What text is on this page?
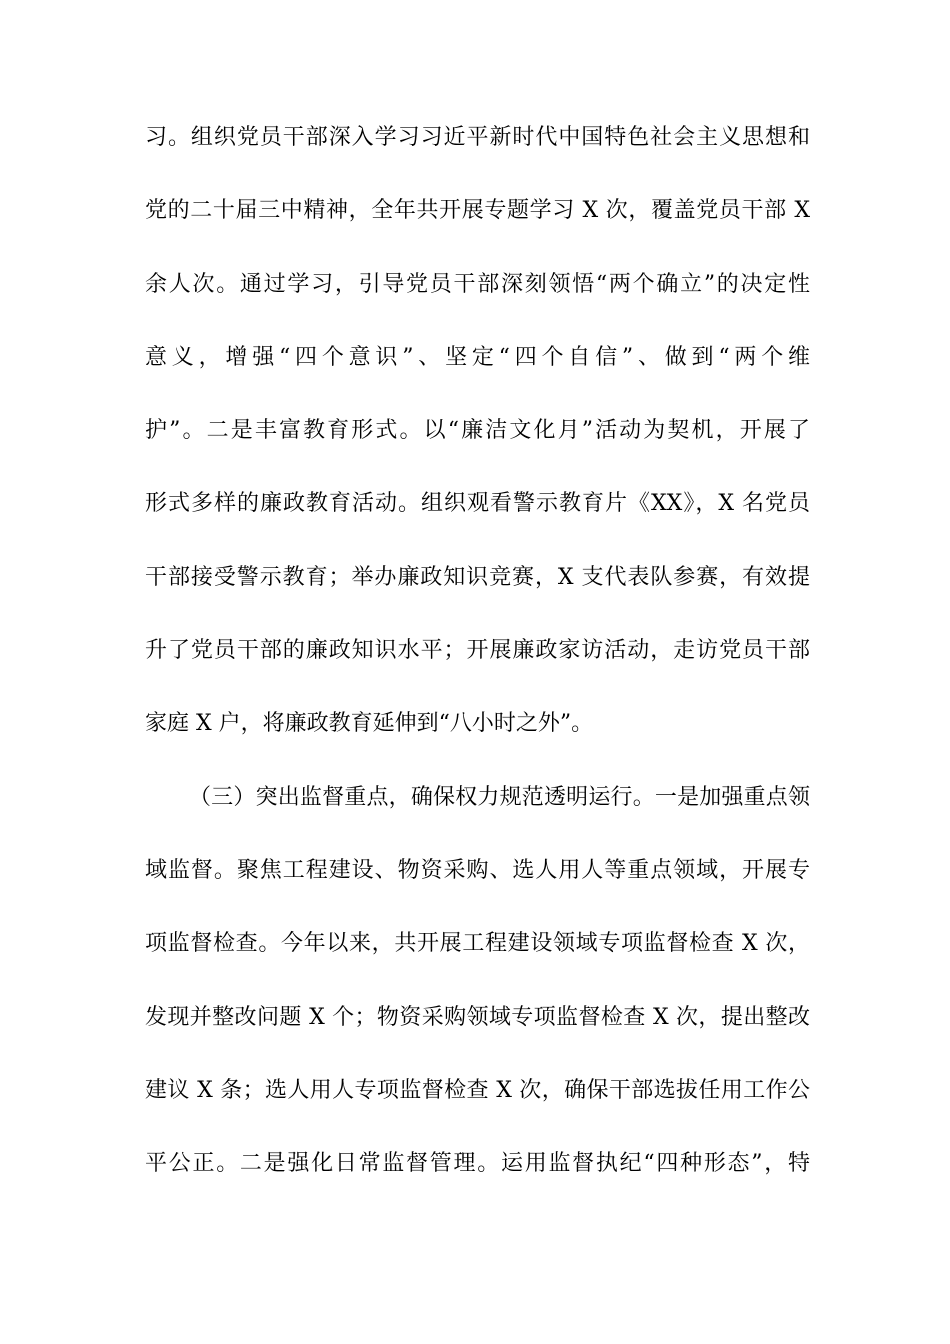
习。组织党员干部深入学习习近平新时代中国特色社会主义思想和
党的二十届三中精神，全年共开展专题学习 X 次，覆盖党员干部 X
余人次。通过学习，引导党员干部深刻领悟“两个确立”的决定性
意义，增强“四个意识”、坚定“四个自信”、做到“两个维
护”。二是丰富教育形式。以“廉洁文化月”活动为契机，开展了
形式多样的廉政教育活动。组织观看警示教育片《XX》，X 名党员
干部接受警示教育；举办廉政知识竞赛，X 支代表队参赛，有效提
升了党员干部的廉政知识水平；开展廉政家访活动，走访党员干部
家庭 X 户，将廉政教育延伸到“八小时之外”。
（三）突出监督重点，确保权力规范透明运行。一是加强重点领
域监督。聚焦工程建设、物资采购、选人用人等重点领域，开展专
项监督检查。今年以来，共开展工程建设领域专项监督检查 X 次，
发现并整改问题 X 个；物资采购领域专项监督检查 X 次，提出整改
建议 X 条；选人用人专项监督检查 X 次，确保干部选拔任用工作公
平公正。二是强化日常监督管理。运用监督执纪“四种形态”，特
